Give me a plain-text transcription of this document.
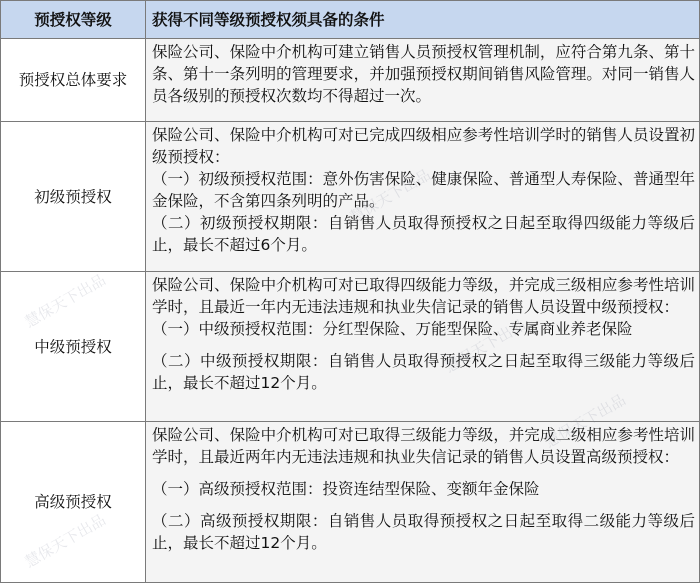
预授权等级	获得不同等级预授权须具备的条件
预授权总体要求	保险公司、保险中介机构可建立销售人员预授权管理机制，应符合第九条、第十条、第十一条列明的管理要求，并加强预授权期间销售风险管理。对同一销售人员各级别的预授权次数均不得超过一次。

初级预授权	保险公司、保险中介机构可对已完成四级相应参考性培训学时的销售人员设置初级预授权：
（一）初级预授权范围：意外伤害保险、健康保险、普通型人寿保险、普通型年金保险，不含第四条列明的产品。
（二）初级预授权期限：自销售人员取得预授权之日起至取得四级能力等级后止，最长不超过6个月。

中级预授权	保险公司、保险中介机构可对已取得四级能力等级，并完成三级相应参考性培训学时，且最近一年内无违法违规和执业失信记录的销售人员设置中级预授权：
（一）中级预授权范围：分红型保险、万能型保险、专属商业养老保险
（二）中级预授权期限：自销售人员取得预授权之日起至取得三级能力等级后止，最长不超过12个月。

高级预授权	保险公司、保险中介机构可对已取得三级能力等级，并完成二级相应参考性培训学时，且最近两年内无违法违规和执业失信记录的销售人员设置高级预授权：
（一）高级预授权范围：投资连结型保险、变额年金保险
（二）高级预授权期限：自销售人员取得预授权之日起至取得二级能力等级后止，最长不超过12个月。
慧保天下出品
慧保天下出品
